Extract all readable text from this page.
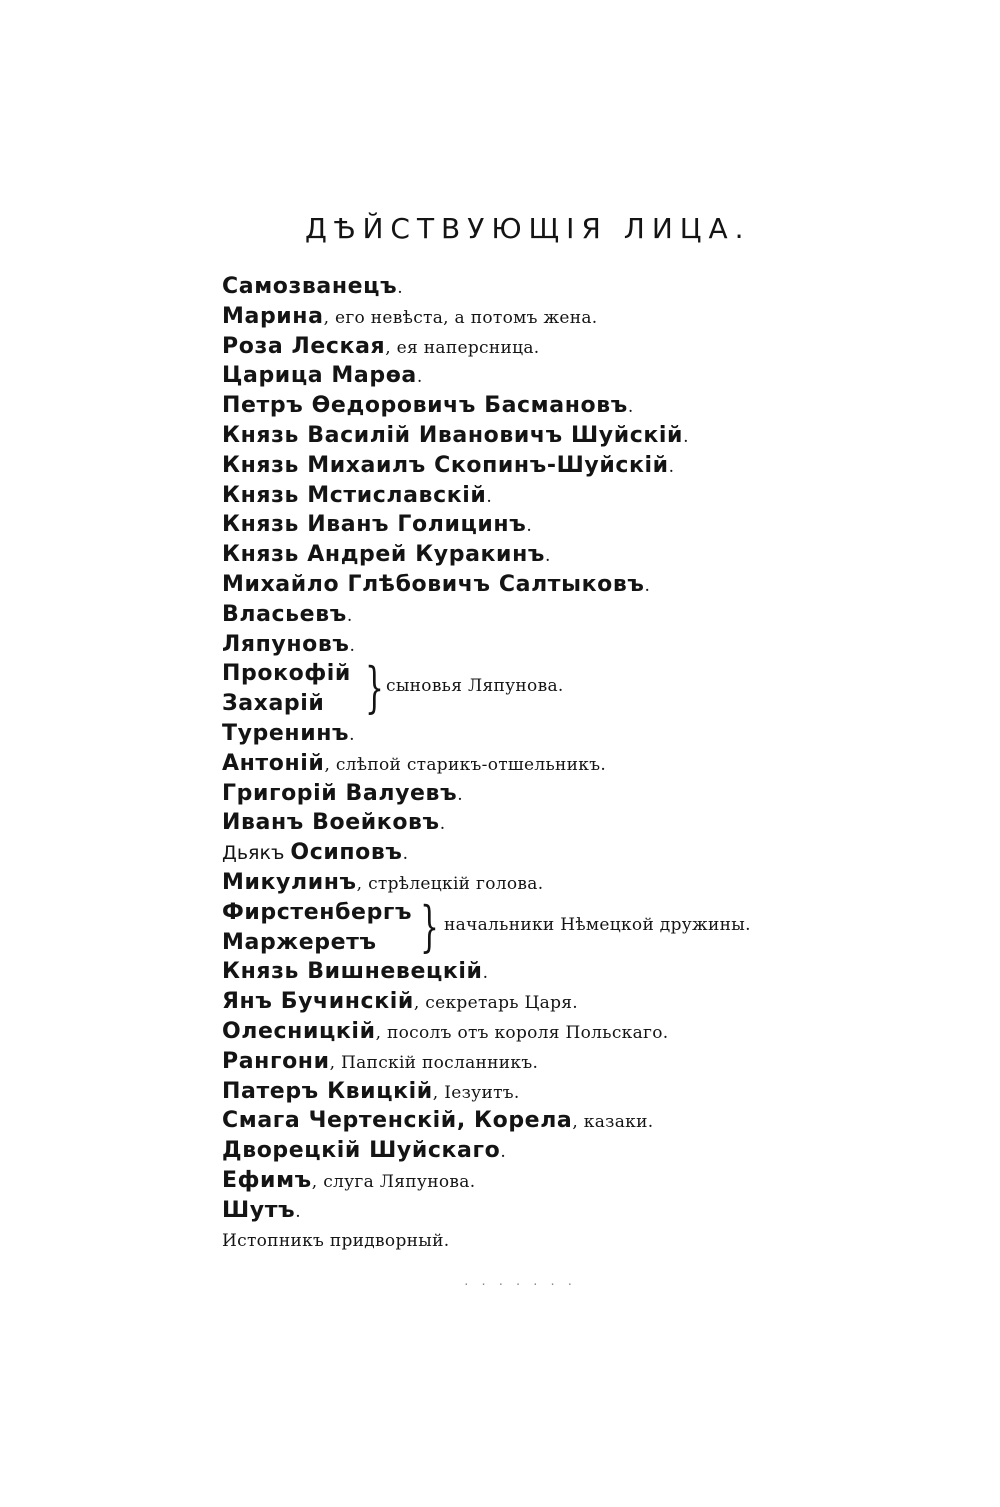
ДѢЙСТВУЮЩІЯ ЛИЦА.
Самозванецъ.
Марина, его невѣста, а потомъ жена.
Роза Леская, ея наперсница.
Царица Марѳа.
Петръ Ѳедоровичъ Басмановъ.
Князь Василій Ивановичъ Шуйскій.
Князь Михаилъ Скопинъ-Шуйскій.
Князь Мстиславскій.
Князь Иванъ Голицинъ.
Князь Андрей Куракинъ.
Михайло Глѣбовичъ Салтыковъ.
Власьевъ.
Ляпуновъ.
Прокофій
Захарій } сыновья Ляпунова.
Туренинъ.
Антоній, слѣпой старикъ-отшельникъ.
Григорій Валуевъ.
Иванъ Воейковъ.
Дьякъ Осиповъ.
Микулинъ, стрѣлецкій голова.
Фирстенбергъ
Маржеретъ } начальники Нѣмецкой дружины.
Князь Вишневецкій.
Янъ Бучинскій, секретарь Царя.
Олесницкій, посолъ отъ короля Польскаго.
Рангони, Папскій посланникъ.
Патеръ Квицкій, Іезуитъ.
Смага Чертенскій, Корела, казаки.
Дворецкій Шуйскаго.
Ефимъ, слуга Ляпунова.
Шутъ.
Истопникъ придворный.
· · · · · · ·
